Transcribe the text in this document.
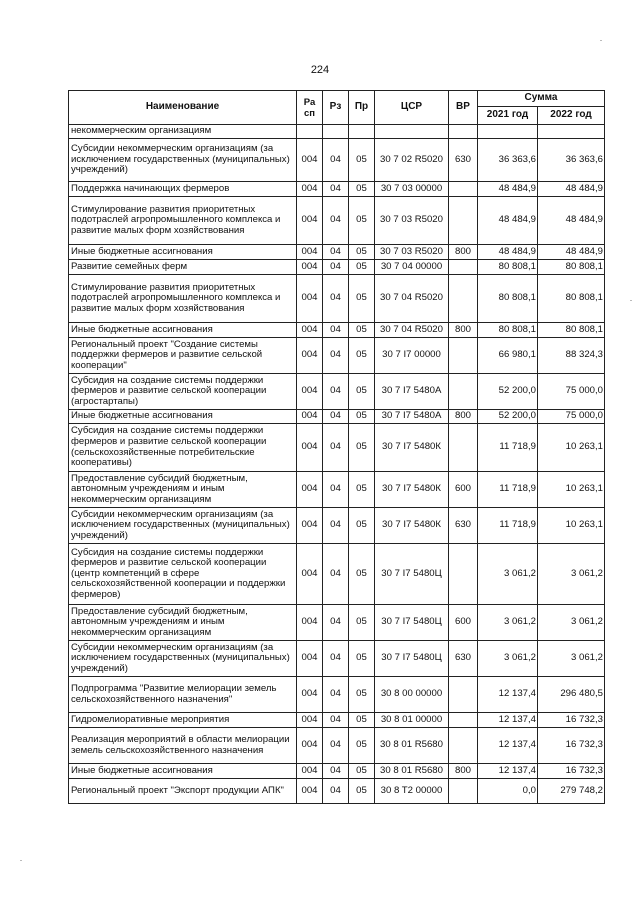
224
Наименование	Ра сп	Рз	Пр	ЦСР	ВР	Сумма	
						2021 год	2022 год
некоммерческим организациям							
Субсидии некоммерческим организациям (за исключением государственных (муниципальных) учреждений)	004	04	05	30 7 02 R5020	630	36 363,6	36 363,6
Поддержка начинающих фермеров	004	04	05	30 7 03 00000		48 484,9	48 484,9
Стимулирование развития приоритетных подотраслей агропромышленного комплекса и развитие малых форм хозяйствования	004	04	05	30 7 03 R5020		48 484,9	48 484,9
Иные бюджетные ассигнования	004	04	05	30 7 03 R5020	800	48 484,9	48 484,9
Развитие семейных ферм	004	04	05	30 7 04 00000		80 808,1	80 808,1
Стимулирование развития приоритетных подотраслей агропромышленного комплекса и развитие малых форм хозяйствования	004	04	05	30 7 04 R5020		80 808,1	80 808,1
Иные бюджетные ассигнования	004	04	05	30 7 04 R5020	800	80 808,1	80 808,1
Региональный проект "Создание системы поддержки фермеров и развитие сельской кооперации"	004	04	05	30 7 I7 00000		66 980,1	88 324,3
Субсидия на создание системы поддержки фермеров и развитие сельской кооперации (агростартапы)	004	04	05	30 7 I7 5480А		52 200,0	75 000,0
Иные бюджетные ассигнования	004	04	05	30 7 I7 5480А	800	52 200,0	75 000,0
Субсидия на создание системы поддержки фермеров и развитие сельской кооперации (сельскохозяйственные потребительские кооперативы)	004	04	05	30 7 I7 5480К		11 718,9	10 263,1
Предоставление субсидий бюджетным, автономным учреждениям и иным некоммерческим организациям	004	04	05	30 7 I7 5480К	600	11 718,9	10 263,1
Субсидии некоммерческим организациям (за исключением государственных (муниципальных) учреждений)	004	04	05	30 7 I7 5480К	630	11 718,9	10 263,1
Субсидия на создание системы поддержки фермеров и развитие сельской кооперации (центр компетенций в сфере сельскохозяйственной кооперации и поддержки фермеров)	004	04	05	30 7 I7 5480Ц		3 061,2	3 061,2
Предоставление субсидий бюджетным, автономным учреждениям и иным некоммерческим организациям	004	04	05	30 7 I7 5480Ц	600	3 061,2	3 061,2
Субсидии некоммерческим организациям (за исключением государственных (муниципальных) учреждений)	004	04	05	30 7 I7 5480Ц	630	3 061,2	3 061,2
Подпрограмма "Развитие мелиорации земель сельскохозяйственного назначения"	004	04	05	30 8 00 00000		12 137,4	296 480,5
Гидромелиоративные мероприятия	004	04	05	30 8 01 00000		12 137,4	16 732,3
Реализация мероприятий в области мелиорации земель сельскохозяйственного назначения	004	04	05	30 8 01 R5680		12 137,4	16 732,3
Иные бюджетные ассигнования	004	04	05	30 8 01 R5680	800	12 137,4	16 732,3
Региональный проект "Экспорт продукции АПК"	004	04	05	30 8 T2 00000		0,0	279 748,2
